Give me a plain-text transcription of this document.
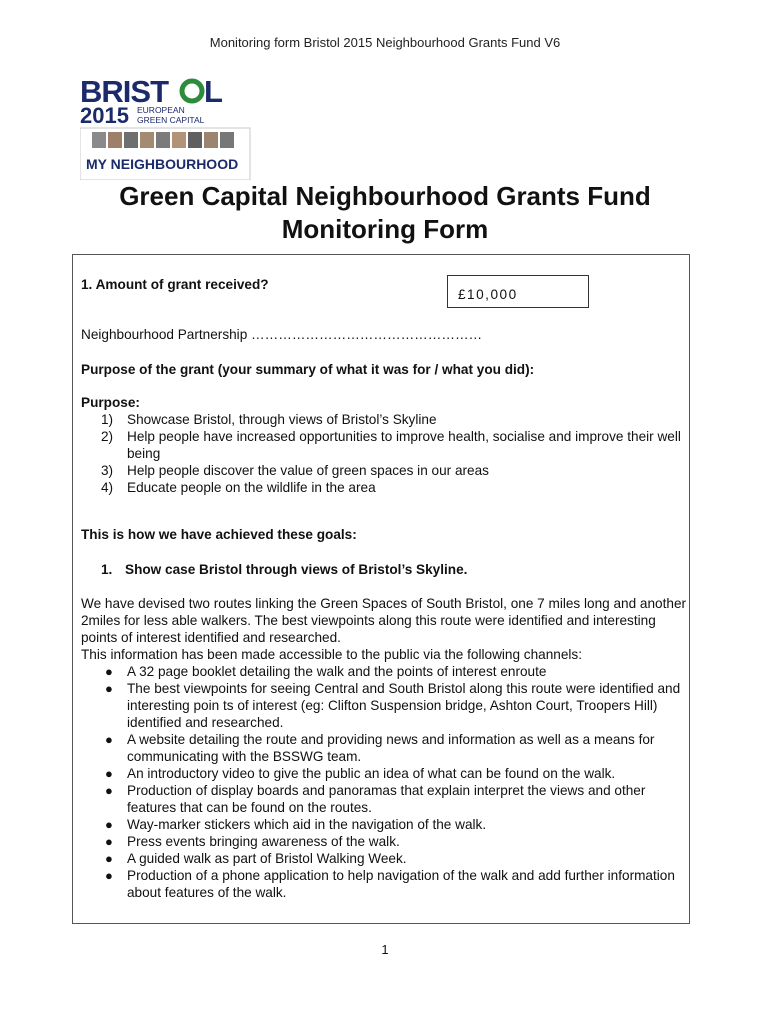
Monitoring form Bristol 2015 Neighbourhood Grants Fund V6
BRIST L
2015 EUROPEAN
GREEN CAPITAL
MY NEIGHBOURHOOD
Green Capital Neighbourhood Grants Fund
Monitoring Form
1. Amount of grant received?
£10,000
Neighbourhood Partnership ……………………………………………
Purpose of the grant (your summary of what it was for / what you did):
Purpose:
1) Showcase Bristol, through views of Bristol’s Skyline
2) Help people have increased opportunities to improve health, socialise and improve their well being
3) Help people discover the value of green spaces in our areas
4) Educate people on the wildlife in the area
This is how we have achieved these goals:
1. Show case Bristol through views of Bristol’s Skyline.

We have devised two routes linking the Green Spaces of South Bristol, one 7 miles long and another 2miles for less able walkers. The best viewpoints along this route were identified and interesting points of interest identified and researched.
This information has been made accessible to the public via the following channels:

● A 32 page booklet detailing the walk and the points of interest enroute
● The best viewpoints for seeing Central and South Bristol along this route were identified and interesting poin ts of interest (eg: Clifton Suspension bridge, Ashton Court, Troopers Hill) identified and researched.
● A website detailing the route and providing news and information as well as a means for communicating with the BSSWG team.
● An introductory video to give the public an idea of what can be found on the walk.
● Production of display boards and panoramas that explain interpret the views and other features that can be found on the routes.
● Way-marker stickers which aid in the navigation of the walk.
● Press events bringing awareness of the walk.
● A guided walk as part of Bristol Walking Week.
● Production of a phone application to help navigation of the walk and add further information about features of the walk.
1
